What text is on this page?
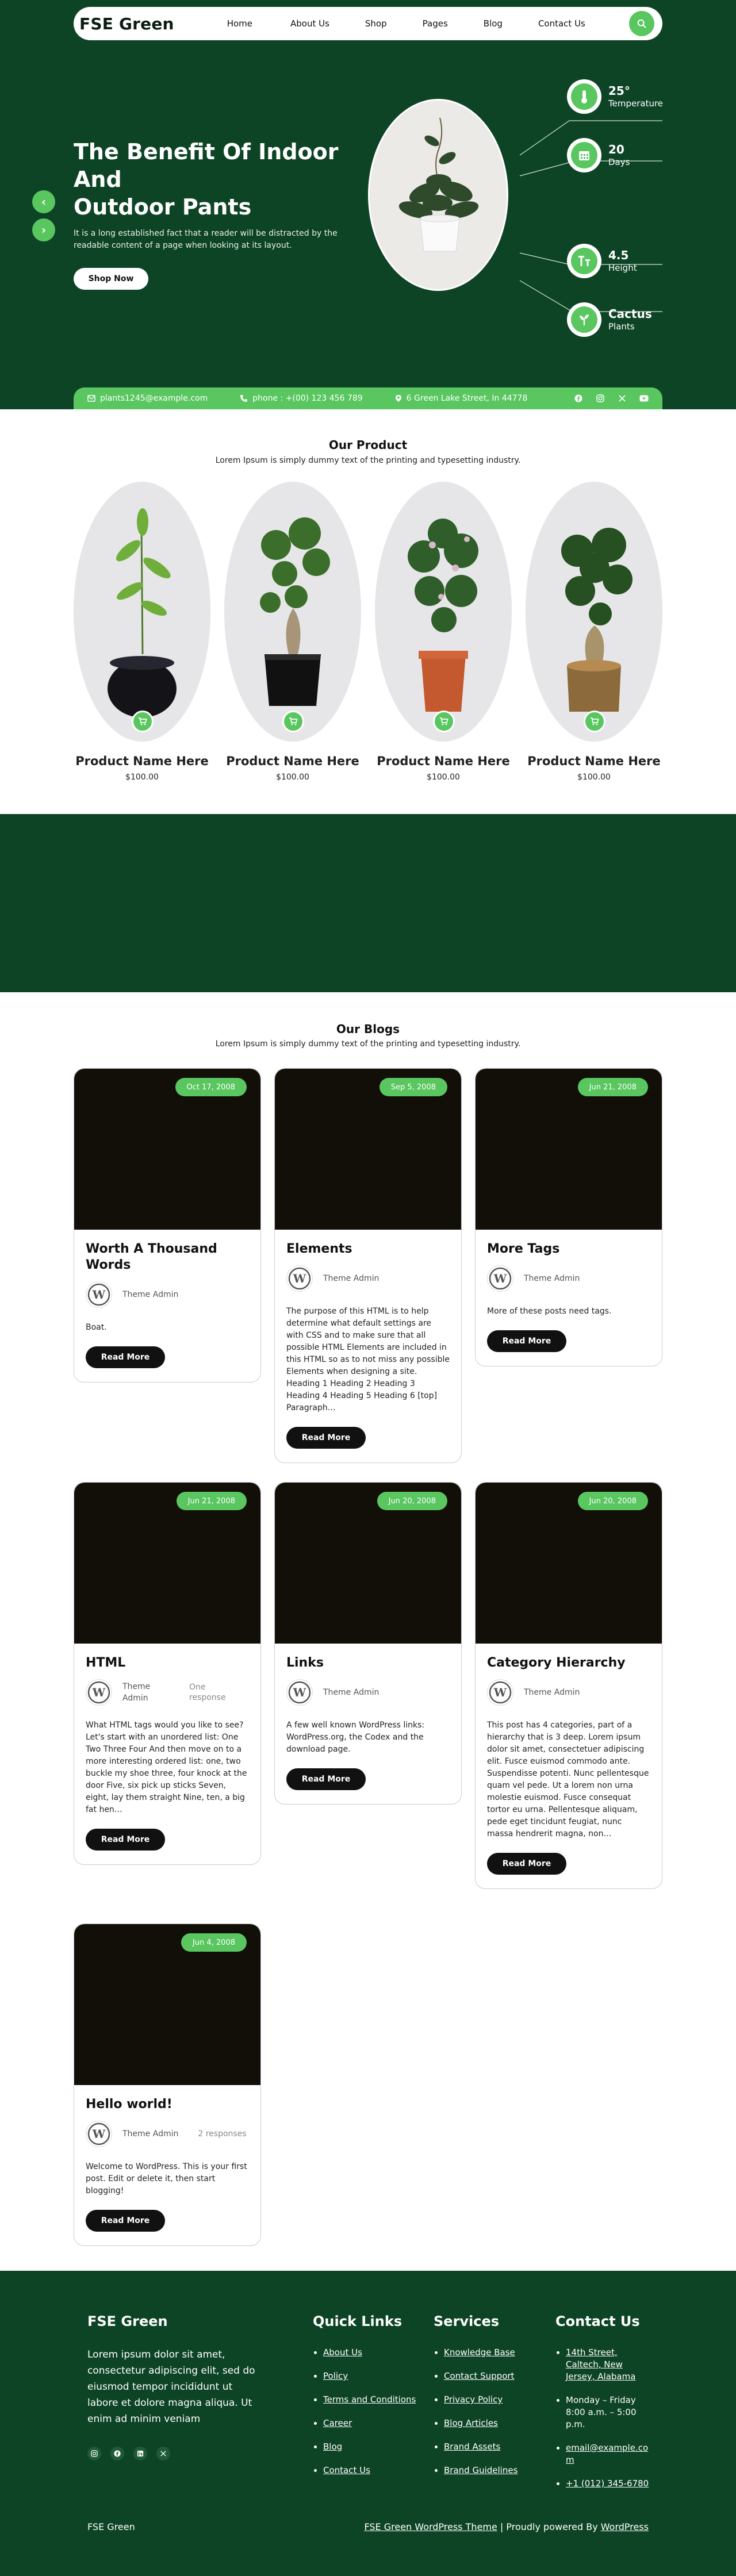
FSE Green	Home	About Us	Shop	Pages	Blog	Contact Us
The Benefit Of Indoor
And
Outdoor Pants

It is a long established fact that a reader will be distracted by the readable content of a page when looking at its layout.

Shop Now
‹
›
25°
Temperature
20
Days
4.5
Height
Cactus
Plants
plants1245@example.com	phone : +(00) 123 456 789	6 Green Lake Street, In 44778
Our Product

Lorem Ipsum is simply dummy text of the printing and typesetting industry.

Product Name Here
$100.00
Product Name Here
$100.00
Product Name Here
$100.00
Product Name Here
$100.00
Our Blogs

Lorem Ipsum is simply dummy text of the printing and typesetting industry.

Oct 17, 2008
Worth A Thousand Words
W Theme Admin

Boat.

Read More
Sep 5, 2008
Elements
W Theme Admin

The purpose of this HTML is to help determine what default settings are with CSS and to make sure that all possible HTML Elements are included in this HTML so as to not miss any possible Elements when designing a site. Heading 1 Heading 2 Heading 3 Heading 4 Heading 5 Heading 6 [top] Paragraph…

Read More
Jun 21, 2008
More Tags
W Theme Admin

More of these posts need tags.

Read More
Jun 21, 2008
HTML
W Theme Admin
One response

What HTML tags would you like to see? Let's start with an unordered list: One Two Three Four And then move on to a more interesting ordered list: one, two buckle my shoe three, four knock at the door Five, six pick up sticks Seven, eight, lay them straight Nine, ten, a big fat hen…

Read More
Jun 20, 2008
Links
W Theme Admin

A few well known WordPress links: WordPress.org, the Codex and the download page.

Read More
Jun 20, 2008
Category Hierarchy
W Theme Admin

This post has 4 categories, part of a hierarchy that is 3 deep. Lorem ipsum dolor sit amet, consectetuer adipiscing elit. Fusce euismod commodo ante. Suspendisse potenti. Nunc pellentesque quam vel pede. Ut a lorem non urna molestie euismod. Fusce consequat tortor eu urna. Pellentesque aliquam, pede eget tincidunt feugiat, nunc massa hendrerit magna, non…

Read More
Jun 4, 2008
Hello world!
W Theme Admin 2 responses

Welcome to WordPress. This is your first post. Edit or delete it, then start blogging!

Read More
FSE Green

Lorem ipsum dolor sit amet, consectetur adipiscing elit, sed do eiusmod tempor incididunt ut labore et dolore magna aliqua. Ut enim ad minim veniam

Quick Links
• About Us
• Policy
• Terms and Conditions
• Career
• Blog
• Contact Us
Services
• Knowledge Base
• Contact Support
• Privacy Policy
• Blog Articles
• Brand Assets
• Brand Guidelines
Contact Us
• 14th Street, Caltech, New Jersey, Alabama
• Monday – Friday 8:00 a.m. – 5:00 p.m.
• email@example.com
• +1 (012) 345-6780
FSE Green	FSE Green WordPress Theme | Proudly powered By WordPress
